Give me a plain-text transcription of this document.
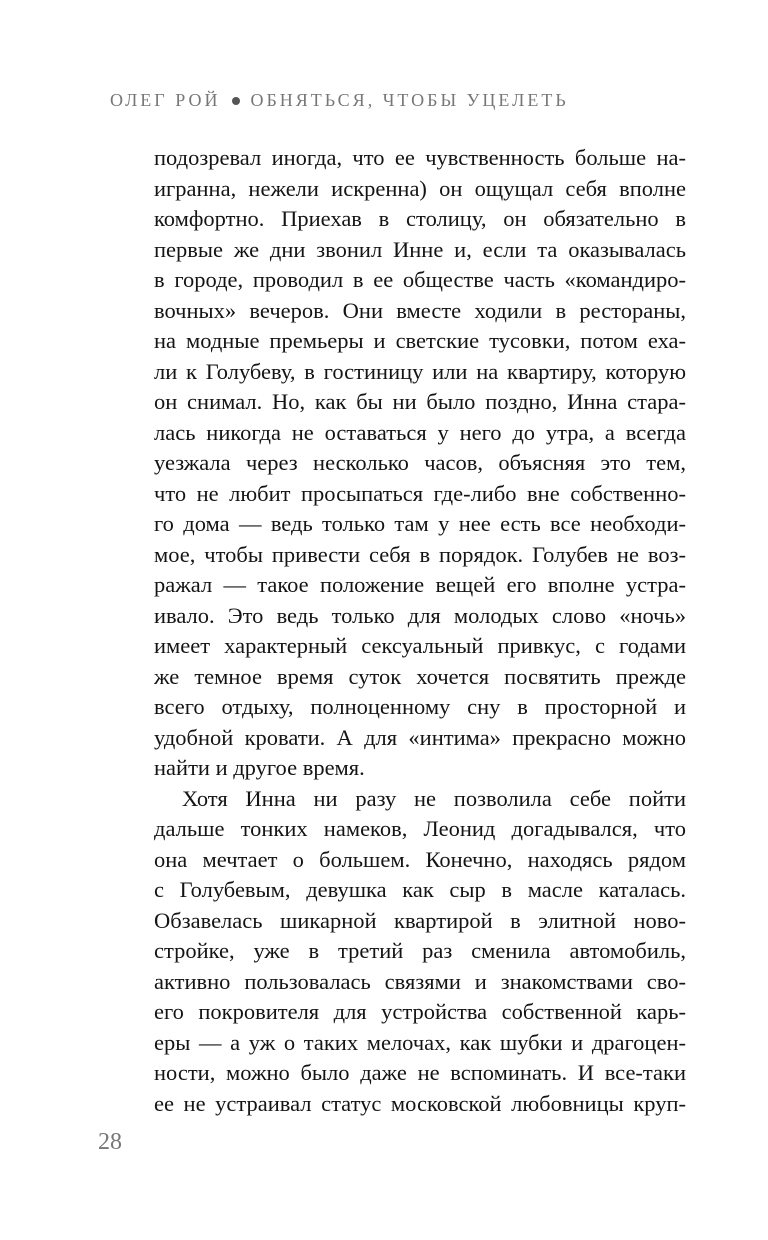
ОЛЕГ РОЙ ОБНЯТЬСЯ, ЧТОБЫ УЦЕЛЕТЬ
подозревал иногда, что ее чувственность больше на-
игранна, нежели искренна) он ощущал себя вполне
комфортно. Приехав в столицу, он обязательно в
первые же дни звонил Инне и, если та оказывалась
в городе, проводил в ее обществе часть «командиро-
вочных» вечеров. Они вместе ходили в рестораны,
на модные премьеры и светские тусовки, потом еха-
ли к Голубеву, в гостиницу или на квартиру, которую
он снимал. Но, как бы ни было поздно, Инна стара-
лась никогда не оставаться у него до утра, а всегда
уезжала через несколько часов, объясняя это тем,
что не любит просыпаться где-либо вне собственно-
го дома — ведь только там у нее есть все необходи-
мое, чтобы привести себя в порядок. Голубев не воз-
ражал — такое положение вещей его вполне устра-
ивало. Это ведь только для молодых слово «ночь»
имеет характерный сексуальный привкус, с годами
же темное время суток хочется посвятить прежде
всего отдыху, полноценному сну в просторной и
удобной кровати. А для «интима» прекрасно можно
найти и другое время.
Хотя Инна ни разу не позволила себе пойти
дальше тонких намеков, Леонид догадывался, что
она мечтает о большем. Конечно, находясь рядом
с Голубевым, девушка как сыр в масле каталась.
Обзавелась шикарной квартирой в элитной ново-
стройке, уже в третий раз сменила автомобиль,
активно пользовалась связями и знакомствами сво-
его покровителя для устройства собственной карь-
еры — а уж о таких мелочах, как шубки и драгоцен-
ности, можно было даже не вспоминать. И все-таки
ее не устраивал статус московской любовницы круп-
28
